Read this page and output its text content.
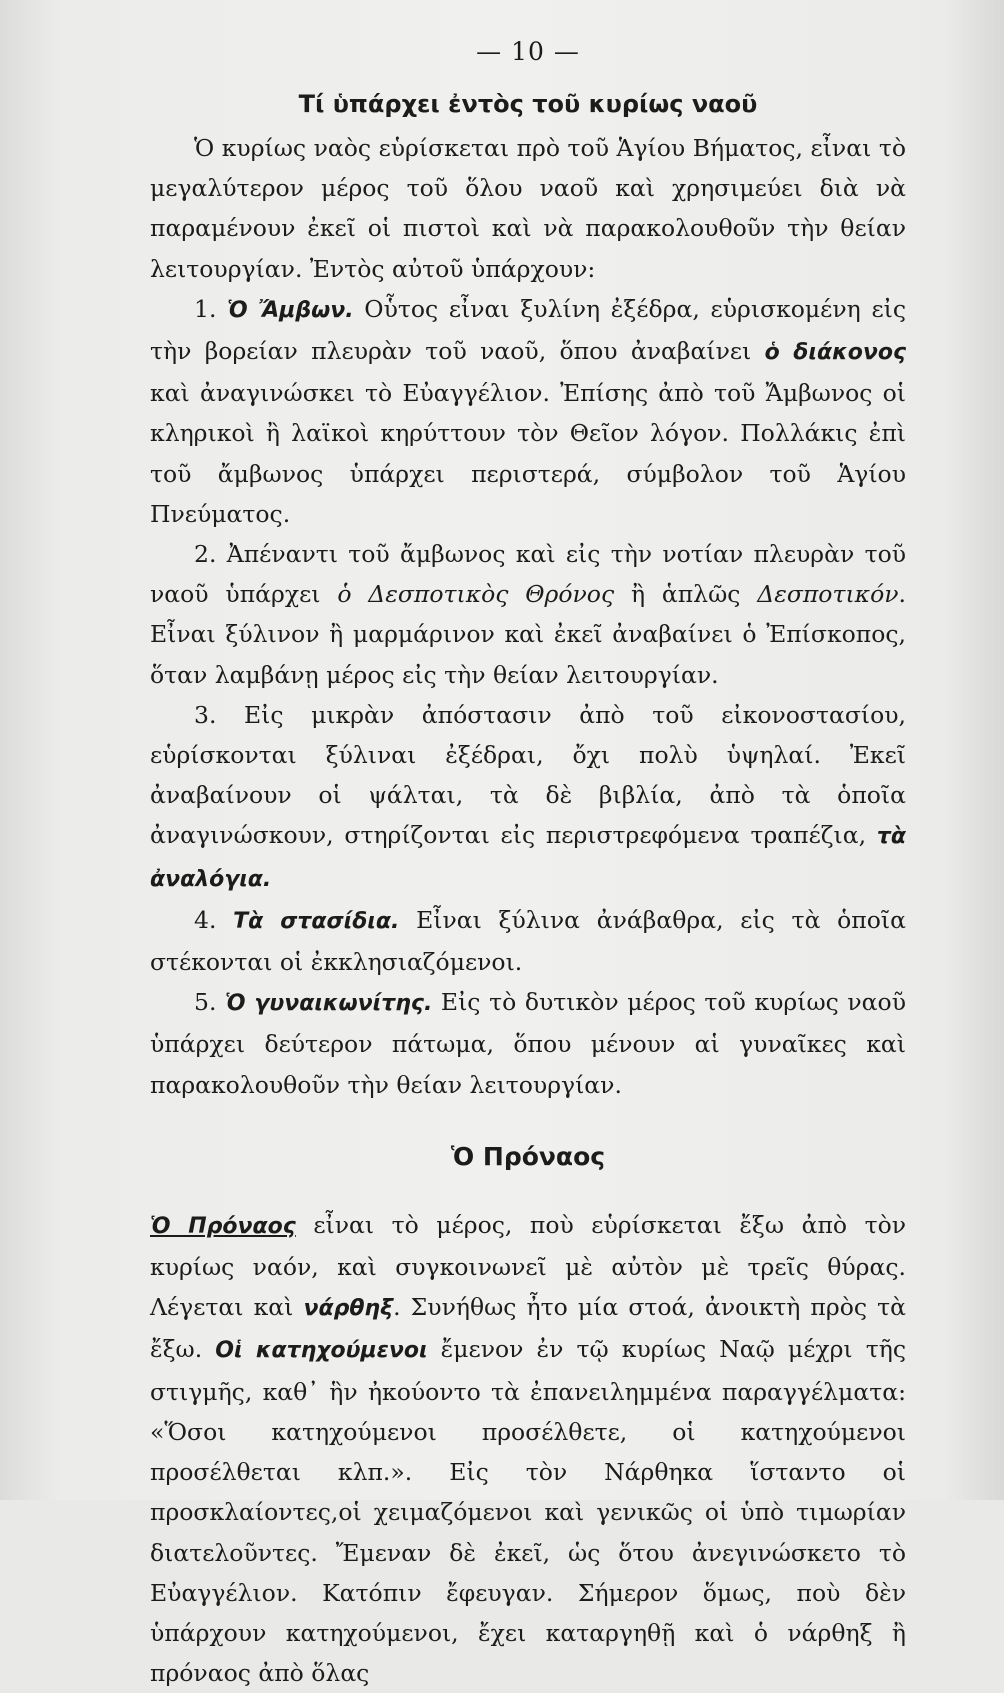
— 10 —
Τί ὑπάρχει ἐντὸς τοῦ κυρίως ναοῦ

Ὁ κυρίως ναὸς εὑρίσκεται πρὸ τοῦ Ἁγίου Βήματος, εἶναι τὸ μεγαλύτερον μέρος τοῦ ὅλου ναοῦ καὶ χρησιμεύει διὰ νὰ παραμένουν ἐκεῖ οἱ πιστοὶ καὶ νὰ παρακολουθοῦν τὴν θείαν λειτουργίαν. Ἐντὸς αὐτοῦ ὑπάρχουν:

1. Ὁ Ἄμβων. Οὗτος εἶναι ξυλίνη ἐξέδρα, εὑρισκομένη εἰς τὴν βορείαν πλευρὰν τοῦ ναοῦ, ὅπου ἀναβαίνει ὁ διάκονος καὶ ἀναγινώσκει τὸ Εὐαγγέλιον. Ἐπίσης ἀπὸ τοῦ Ἄμβωνος οἱ κληρικοὶ ἢ λαϊκοὶ κηρύττουν τὸν Θεῖον λόγον. Πολλάκις ἐπὶ τοῦ ἄμβωνος ὑπάρχει περιστερά, σύμβολον τοῦ Ἁγίου Πνεύματος.

2. Ἀπέναντι τοῦ ἄμβωνος καὶ εἰς τὴν νοτίαν πλευρὰν τοῦ ναοῦ ὑπάρχει ὁ Δεσποτικὸς Θρόνος ἢ ἁπλῶς Δεσποτικόν. Εἶναι ξύλινον ἢ μαρμάρινον καὶ ἐκεῖ ἀναβαίνει ὁ Ἐπίσκοπος, ὅταν λαμβάνῃ μέρος εἰς τὴν θείαν λειτουργίαν.

3. Εἰς μικρὰν ἀπόστασιν ἀπὸ τοῦ εἰκονοστασίου, εὑρίσκονται ξύλιναι ἐξέδραι, ὄχι πολὺ ὑψηλαί. Ἐκεῖ ἀναβαίνουν οἱ ψάλται, τὰ δὲ βιβλία, ἀπὸ τὰ ὁποῖα ἀναγινώσκουν, στηρίζονται εἰς περιστρεφόμενα τραπέζια, τὰ ἀναλόγια.

4. Τὰ στασίδια. Εἶναι ξύλινα ἀνάβαθρα, εἰς τὰ ὁποῖα στέκονται οἱ ἐκκλησιαζόμενοι.

5. Ὁ γυναικωνίτης. Εἰς τὸ δυτικὸν μέρος τοῦ κυρίως ναοῦ ὑπάρχει δεύτερον πάτωμα, ὅπου μένουν αἱ γυναῖκες καὶ παρακολουθοῦν τὴν θείαν λειτουργίαν.

Ὁ Πρόναος

Ὁ Πρόναος εἶναι τὸ μέρος, ποὺ εὑρίσκεται ἔξω ἀπὸ τὸν κυρίως ναόν, καὶ συγκοινωνεῖ μὲ αὐτὸν μὲ τρεῖς θύρας. Λέγεται καὶ νάρθηξ. Συνήθως ἦτο μία στοά, ἀνοικτὴ πρὸς τὰ ἔξω. Οἱ κατηχούμενοι ἔμενον ἐν τῷ κυρίως Ναῷ μέχρι τῆς στιγμῆς, καθ᾽ ἣν ἠκούοντο τὰ ἐπανειλημμένα παραγγέλματα: «Ὅσοι κατηχούμενοι προσέλθετε, οἱ κατηχούμενοι προσέλθεται κλπ.». Εἰς τὸν Νάρθηκα ἵσταντο οἱ προσκλαίοντες,οἱ χειμαζόμενοι καὶ γενικῶς οἱ ὑπὸ τιμωρίαν διατελοῦντες. Ἔμεναν δὲ ἐκεῖ, ὡς ὅτου ἀνεγινώσκετο τὸ Εὐαγγέλιον. Κατόπιν ἔφευγαν. Σήμερον ὅμως, ποὺ δὲν ὑπάρχουν κατηχούμενοι, ἔχει καταργηθῇ καὶ ὁ νάρθηξ ἢ πρόναος ἀπὸ ὅλας
